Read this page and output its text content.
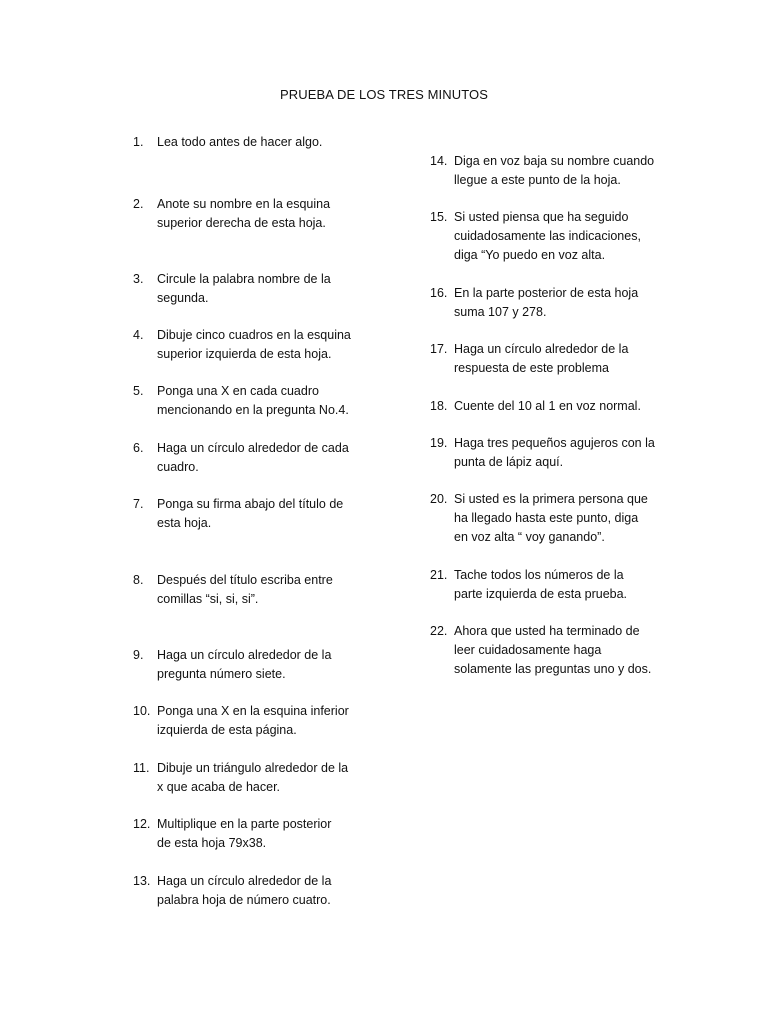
PRUEBA DE LOS TRES MINUTOS
1.	Lea todo antes de hacer algo.
2.	Anote su nombre en la esquina
superior derecha de esta hoja.
3.	Circule la palabra nombre de la
segunda.
4.	Dibuje cinco cuadros en la esquina
superior izquierda de esta hoja.
5.	Ponga una X en cada cuadro
mencionando en la pregunta No.4.
6.	Haga un círculo alrededor de cada
cuadro.
7.	Ponga su firma abajo del título de
esta hoja.
8.	Después del título escriba entre
comillas “si, si, si”.
9.	Haga un círculo alrededor de la
pregunta número siete.
10. Ponga una X en la esquina inferior
izquierda de esta página.
11. Dibuje un triángulo alrededor de la
x que acaba de hacer.
12. Multiplique en la parte posterior
de esta hoja 79x38.
13. Haga un círculo alrededor de la
palabra hoja de número cuatro.
14. Diga en voz baja su nombre cuando
llegue a este punto de la hoja.
15. Si usted piensa que ha seguido
cuidadosamente las indicaciones,
diga “Yo puedo en voz alta.
16. En la parte posterior de esta hoja
suma 107 y 278.
17. Haga un círculo alrededor de la
respuesta de este problema
18. Cuente del 10 al 1 en voz normal.
19. Haga tres pequeños agujeros con la
punta de lápiz aquí.
20. Si usted es la primera persona que
ha llegado hasta este punto, diga
en voz alta “ voy ganando”.
21. Tache todos los números de la
parte izquierda de esta prueba.
22. Ahora que usted ha terminado de
leer cuidadosamente haga
solamente las preguntas uno y dos.
